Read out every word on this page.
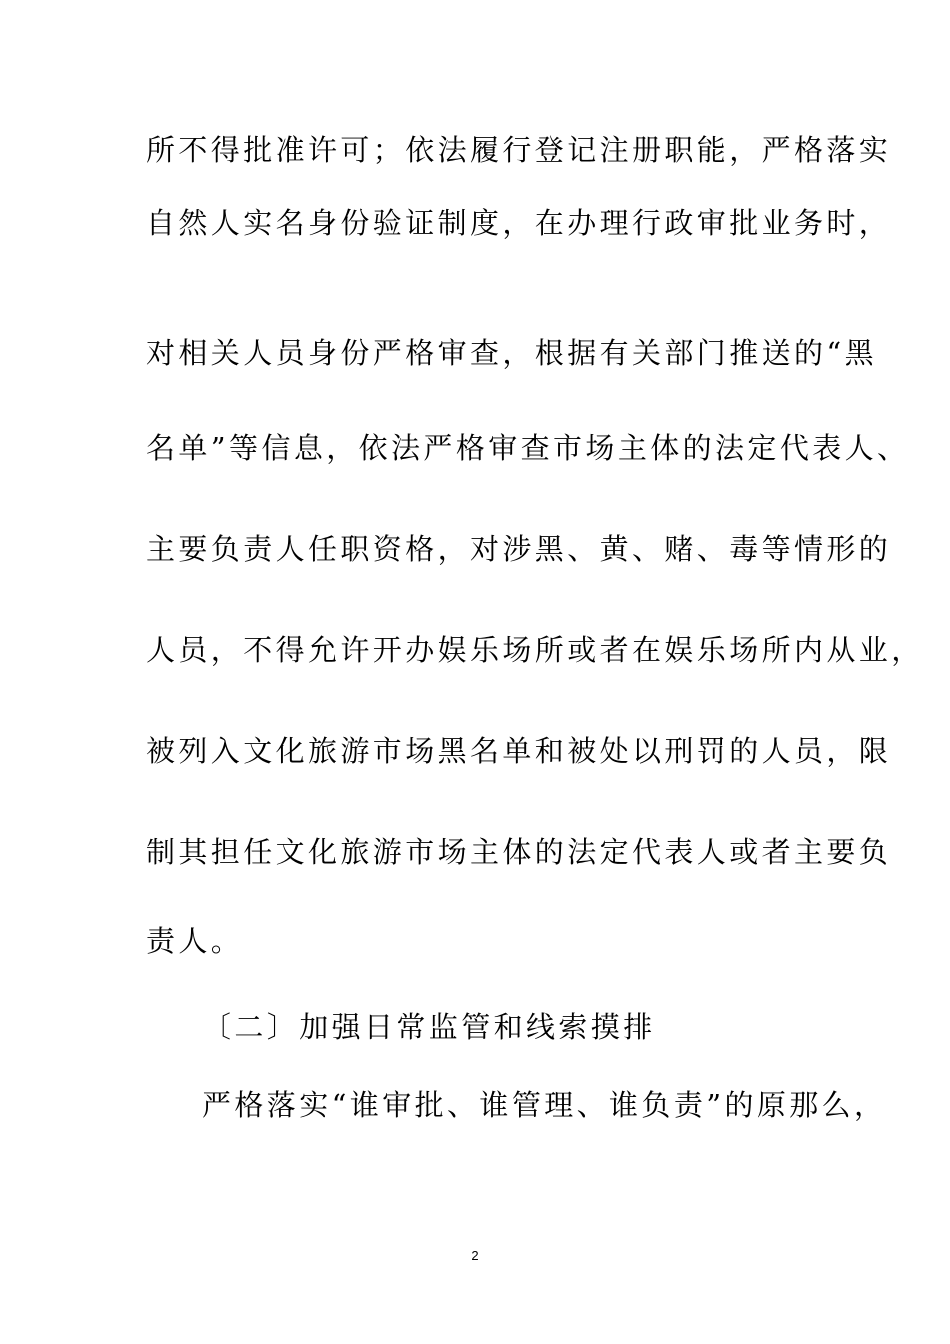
所不得批准许可；依法履行登记注册职能，严格落实
自然人实名身份验证制度，在办理行政审批业务时，
对相关人员身份严格审查，根据有关部门推送的“黑
名单”等信息，依法严格审查市场主体的法定代表人、
主要负责人任职资格，对涉黑、黄、赌、毒等情形的
人员，不得允许开办娱乐场所或者在娱乐场所内从业，
被列入文化旅游市场黑名单和被处以刑罚的人员，限
制其担任文化旅游市场主体的法定代表人或者主要负
责人。
〔二〕加强日常监管和线索摸排
严格落实“谁审批、谁管理、谁负责”的原那么，
2
